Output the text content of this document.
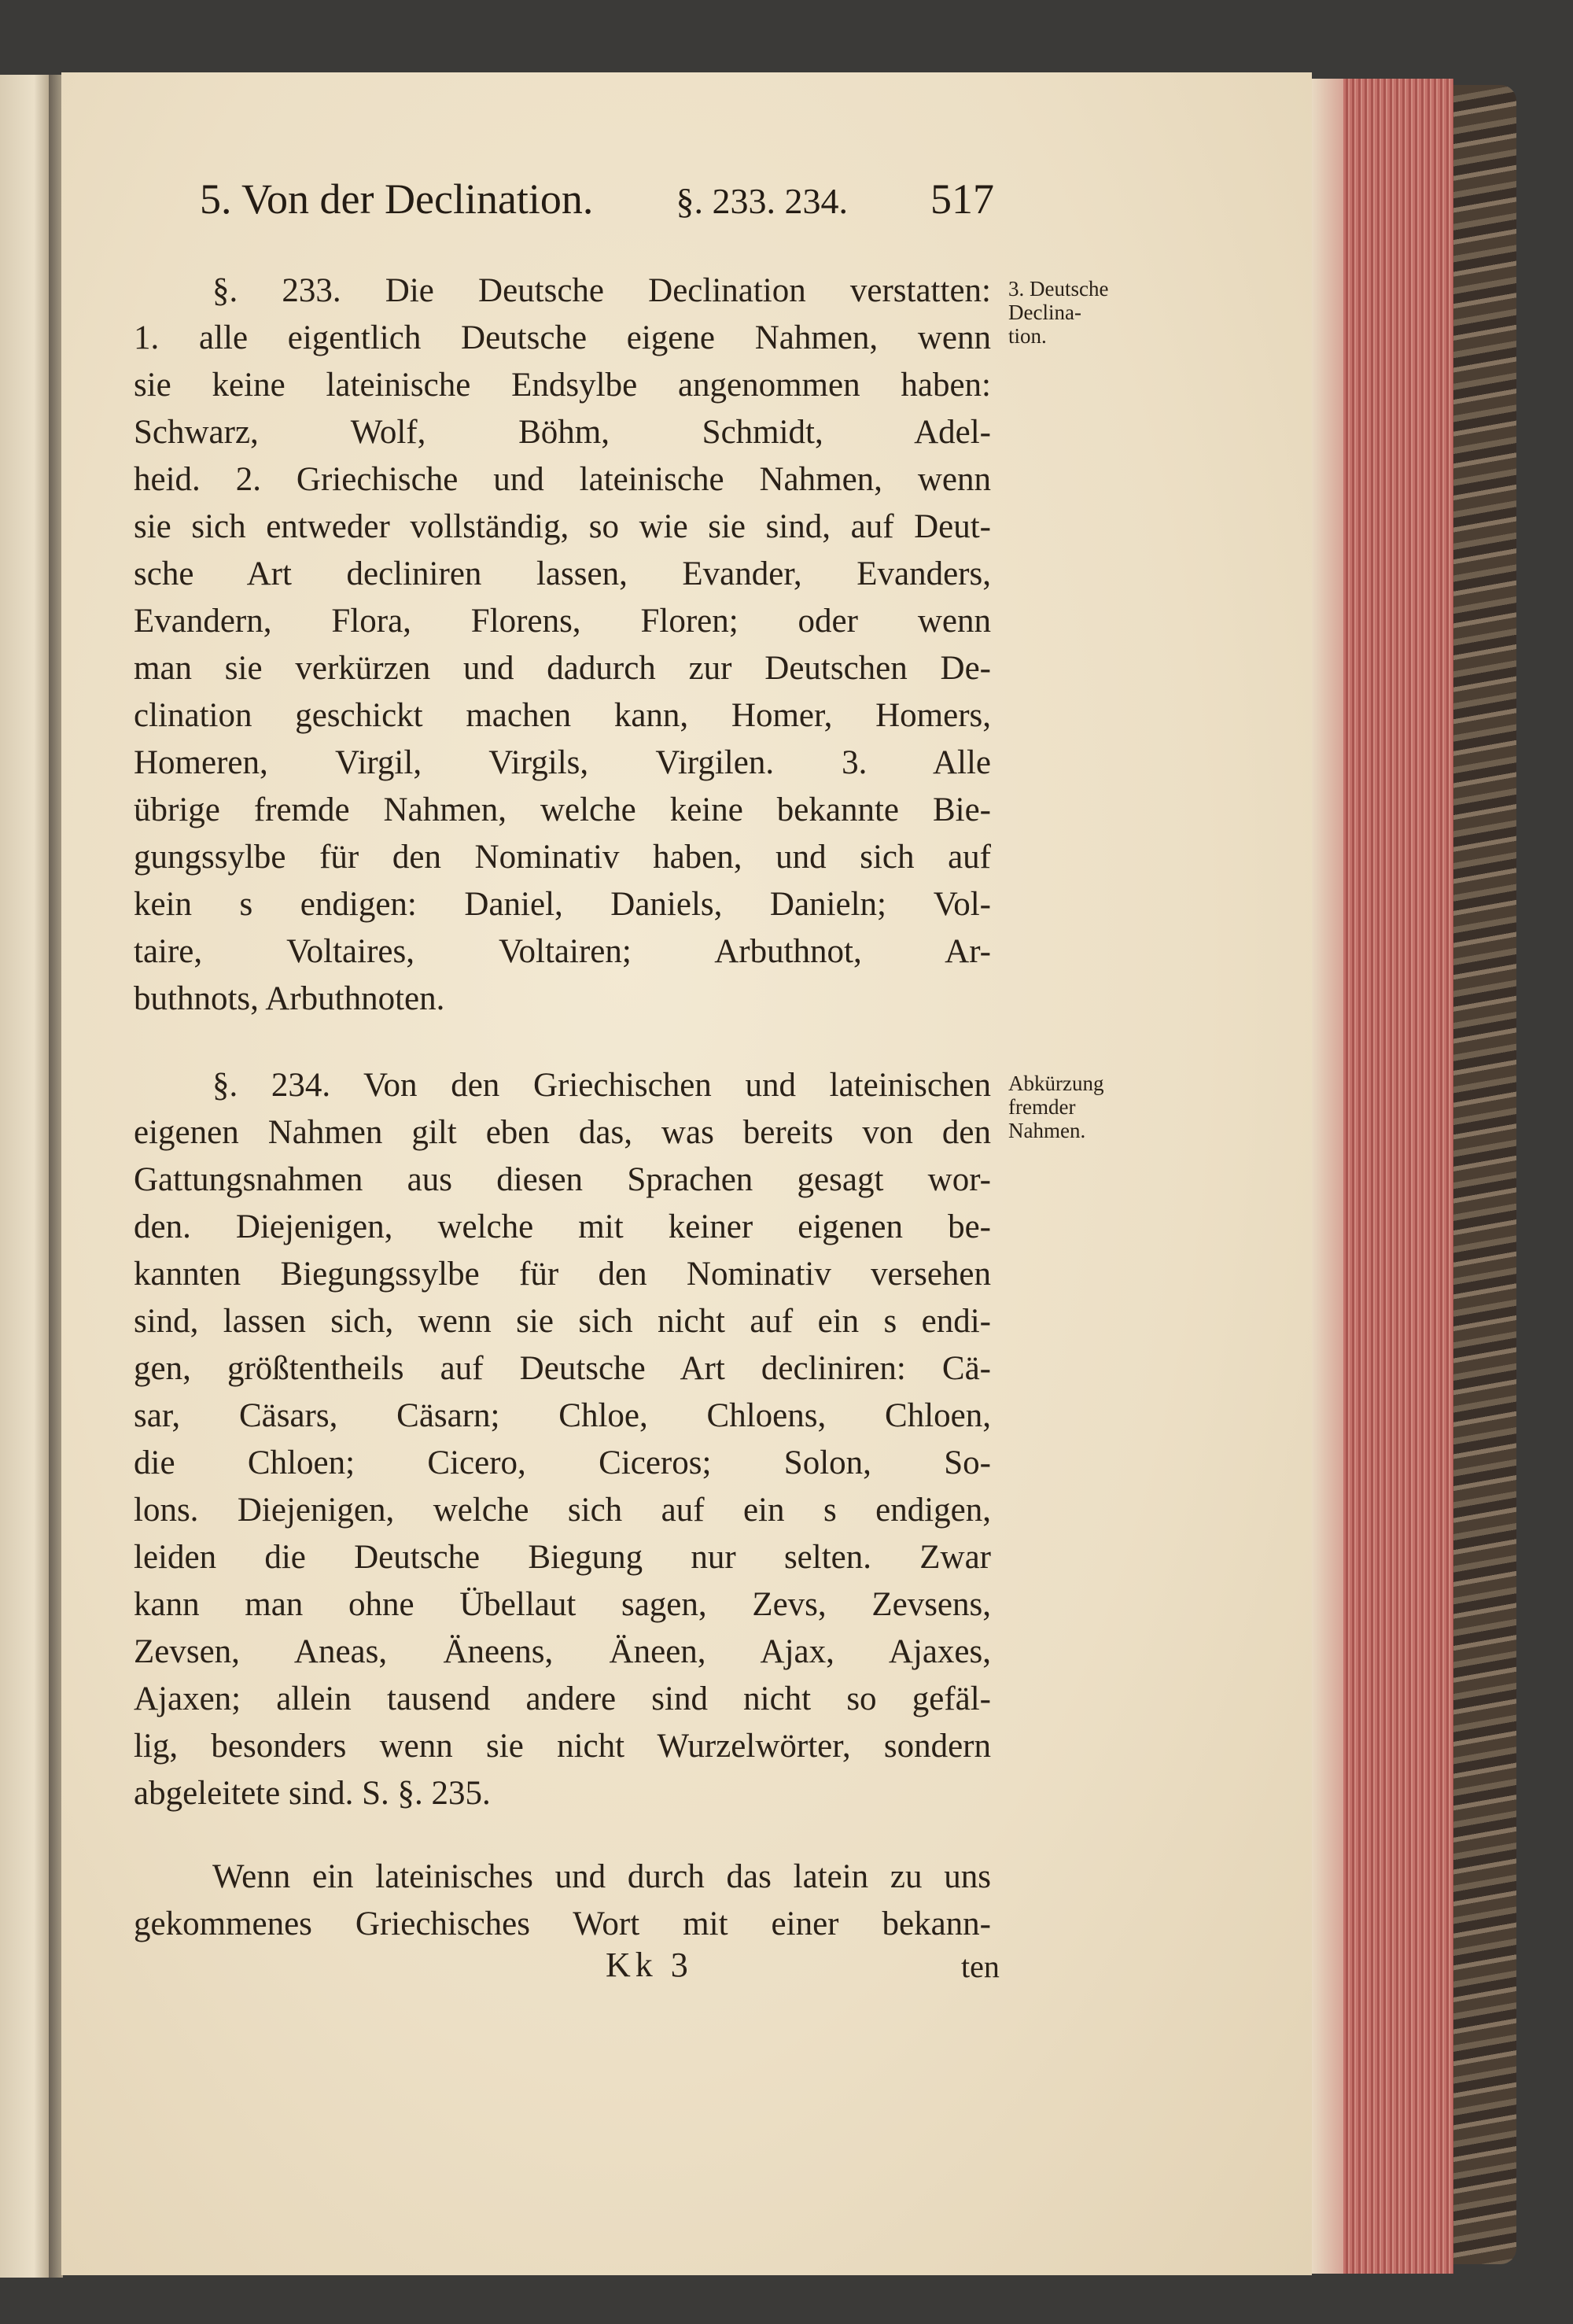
5. Von der Declination. §. 233. 234. 517
§. 233. Die Deutsche Declination verstatten:
1. alle eigentlich Deutsche eigene Nahmen, wenn
sie keine lateinische Endsylbe angenommen haben:
Schwarz, Wolf, Böhm, Schmidt, Adel-
heid. 2. Griechische und lateinische Nahmen, wenn
sie sich entweder vollständig, so wie sie sind, auf Deut-
sche Art decliniren lassen, Evander, Evanders,
Evandern, Flora, Florens, Floren; oder wenn
man sie verkürzen und dadurch zur Deutschen De-
clination geschickt machen kann, Homer, Homers,
Homeren, Virgil, Virgils, Virgilen. 3. Alle
übrige fremde Nahmen, welche keine bekannte Bie-
gungssylbe für den Nominativ haben, und sich auf
kein s endigen: Daniel, Daniels, Danieln; Vol-
taire, Voltaires, Voltairen; Arbuthnot, Ar-
buthnots, Arbuthnoten.
§. 234. Von den Griechischen und lateinischen
eigenen Nahmen gilt eben das, was bereits von den
Gattungsnahmen aus diesen Sprachen gesagt wor-
den. Diejenigen, welche mit keiner eigenen be-
kannten Biegungssylbe für den Nominativ versehen
sind, lassen sich, wenn sie sich nicht auf ein s endi-
gen, größtentheils auf Deutsche Art decliniren: Cä-
sar, Cäsars, Cäsarn; Chloe, Chloens, Chloen,
die Chloen; Cicero, Ciceros; Solon, So-
lons. Diejenigen, welche sich auf ein s endigen,
leiden die Deutsche Biegung nur selten. Zwar
kann man ohne Übellaut sagen, Zevs, Zevsens,
Zevsen, Aneas, Äneens, Äneen, Ajax, Ajaxes,
Ajaxen; allein tausend andere sind nicht so gefäl-
lig, besonders wenn sie nicht Wurzelwörter, sondern
abgeleitete sind. S. §. 235.
Wenn ein lateinisches und durch das latein zu uns
gekommenes Griechisches Wort mit einer bekann-
3. Deutsche
Declina-
tion.
Abkürzung
fremder
Nahmen.
Kk 3	ten
